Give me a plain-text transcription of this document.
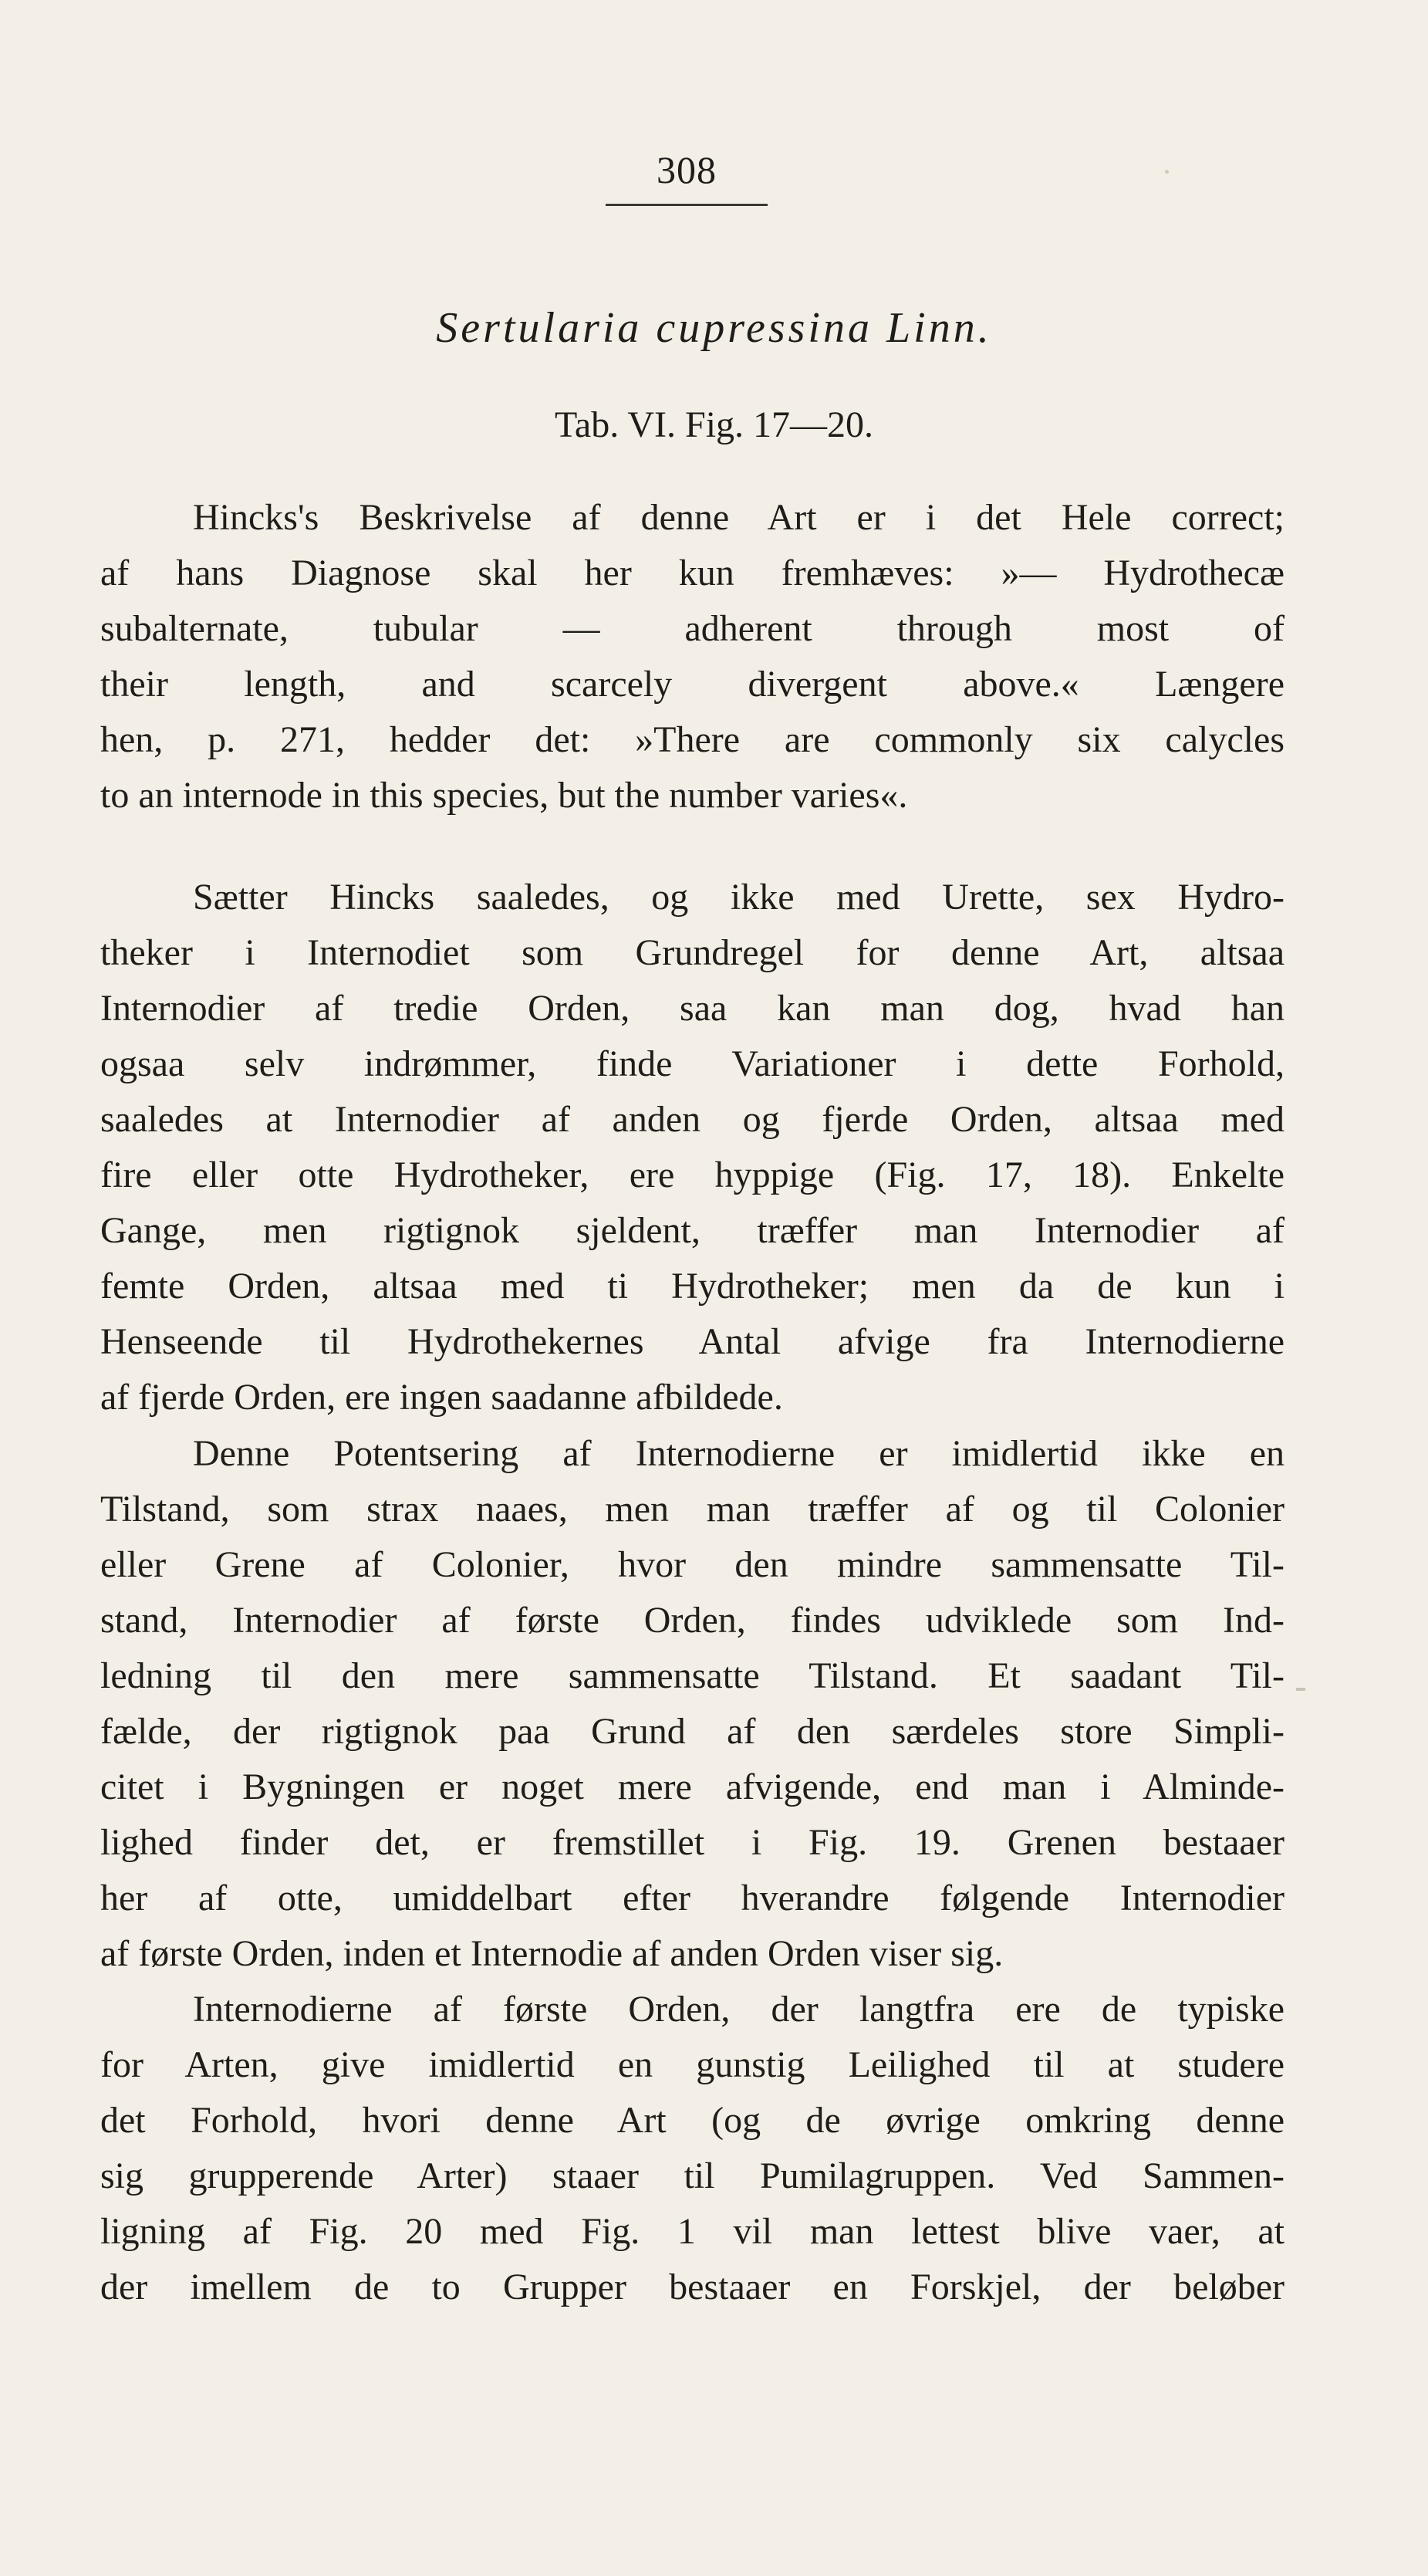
308
Sertularia cupressina Linn.
Tab. VI. Fig. 17—20.
Hincks's Beskrivelse af denne Art er i det Hele correct;
af hans Diagnose skal her kun fremhæves: »— Hydrothecæ
subalternate, tubular — adherent through most of
their length, and scarcely divergent above.« Længere
hen, p. 271, hedder det: »There are commonly six calycles
to an internode in this species, but the number varies«.
Sætter Hincks saaledes, og ikke med Urette, sex Hydro-
theker i Internodiet som Grundregel for denne Art, altsaa
Internodier af tredie Orden, saa kan man dog, hvad han
ogsaa selv indrømmer, finde Variationer i dette Forhold,
saaledes at Internodier af anden og fjerde Orden, altsaa med
fire eller otte Hydrotheker, ere hyppige (Fig. 17, 18). Enkelte
Gange, men rigtignok sjeldent, træffer man Internodier af
femte Orden, altsaa med ti Hydrotheker; men da de kun i
Henseende til Hydrothekernes Antal afvige fra Internodierne
af fjerde Orden, ere ingen saadanne afbildede.
Denne Potentsering af Internodierne er imidlertid ikke en
Tilstand, som strax naaes, men man træffer af og til Colonier
eller Grene af Colonier, hvor den mindre sammensatte Til-
stand, Internodier af første Orden, findes udviklede som Ind-
ledning til den mere sammensatte Tilstand. Et saadant Til-
fælde, der rigtignok paa Grund af den særdeles store Simpli-
citet i Bygningen er noget mere afvigende, end man i Alminde-
lighed finder det, er fremstillet i Fig. 19. Grenen bestaaer
her af otte, umiddelbart efter hverandre følgende Internodier
af første Orden, inden et Internodie af anden Orden viser sig.
Internodierne af første Orden, der langtfra ere de typiske
for Arten, give imidlertid en gunstig Leilighed til at studere
det Forhold, hvori denne Art (og de øvrige omkring denne
sig grupperende Arter) staaer til Pumilagruppen. Ved Sammen-
ligning af Fig. 20 med Fig. 1 vil man lettest blive vaer, at
der imellem de to Grupper bestaaer en Forskjel, der beløber
